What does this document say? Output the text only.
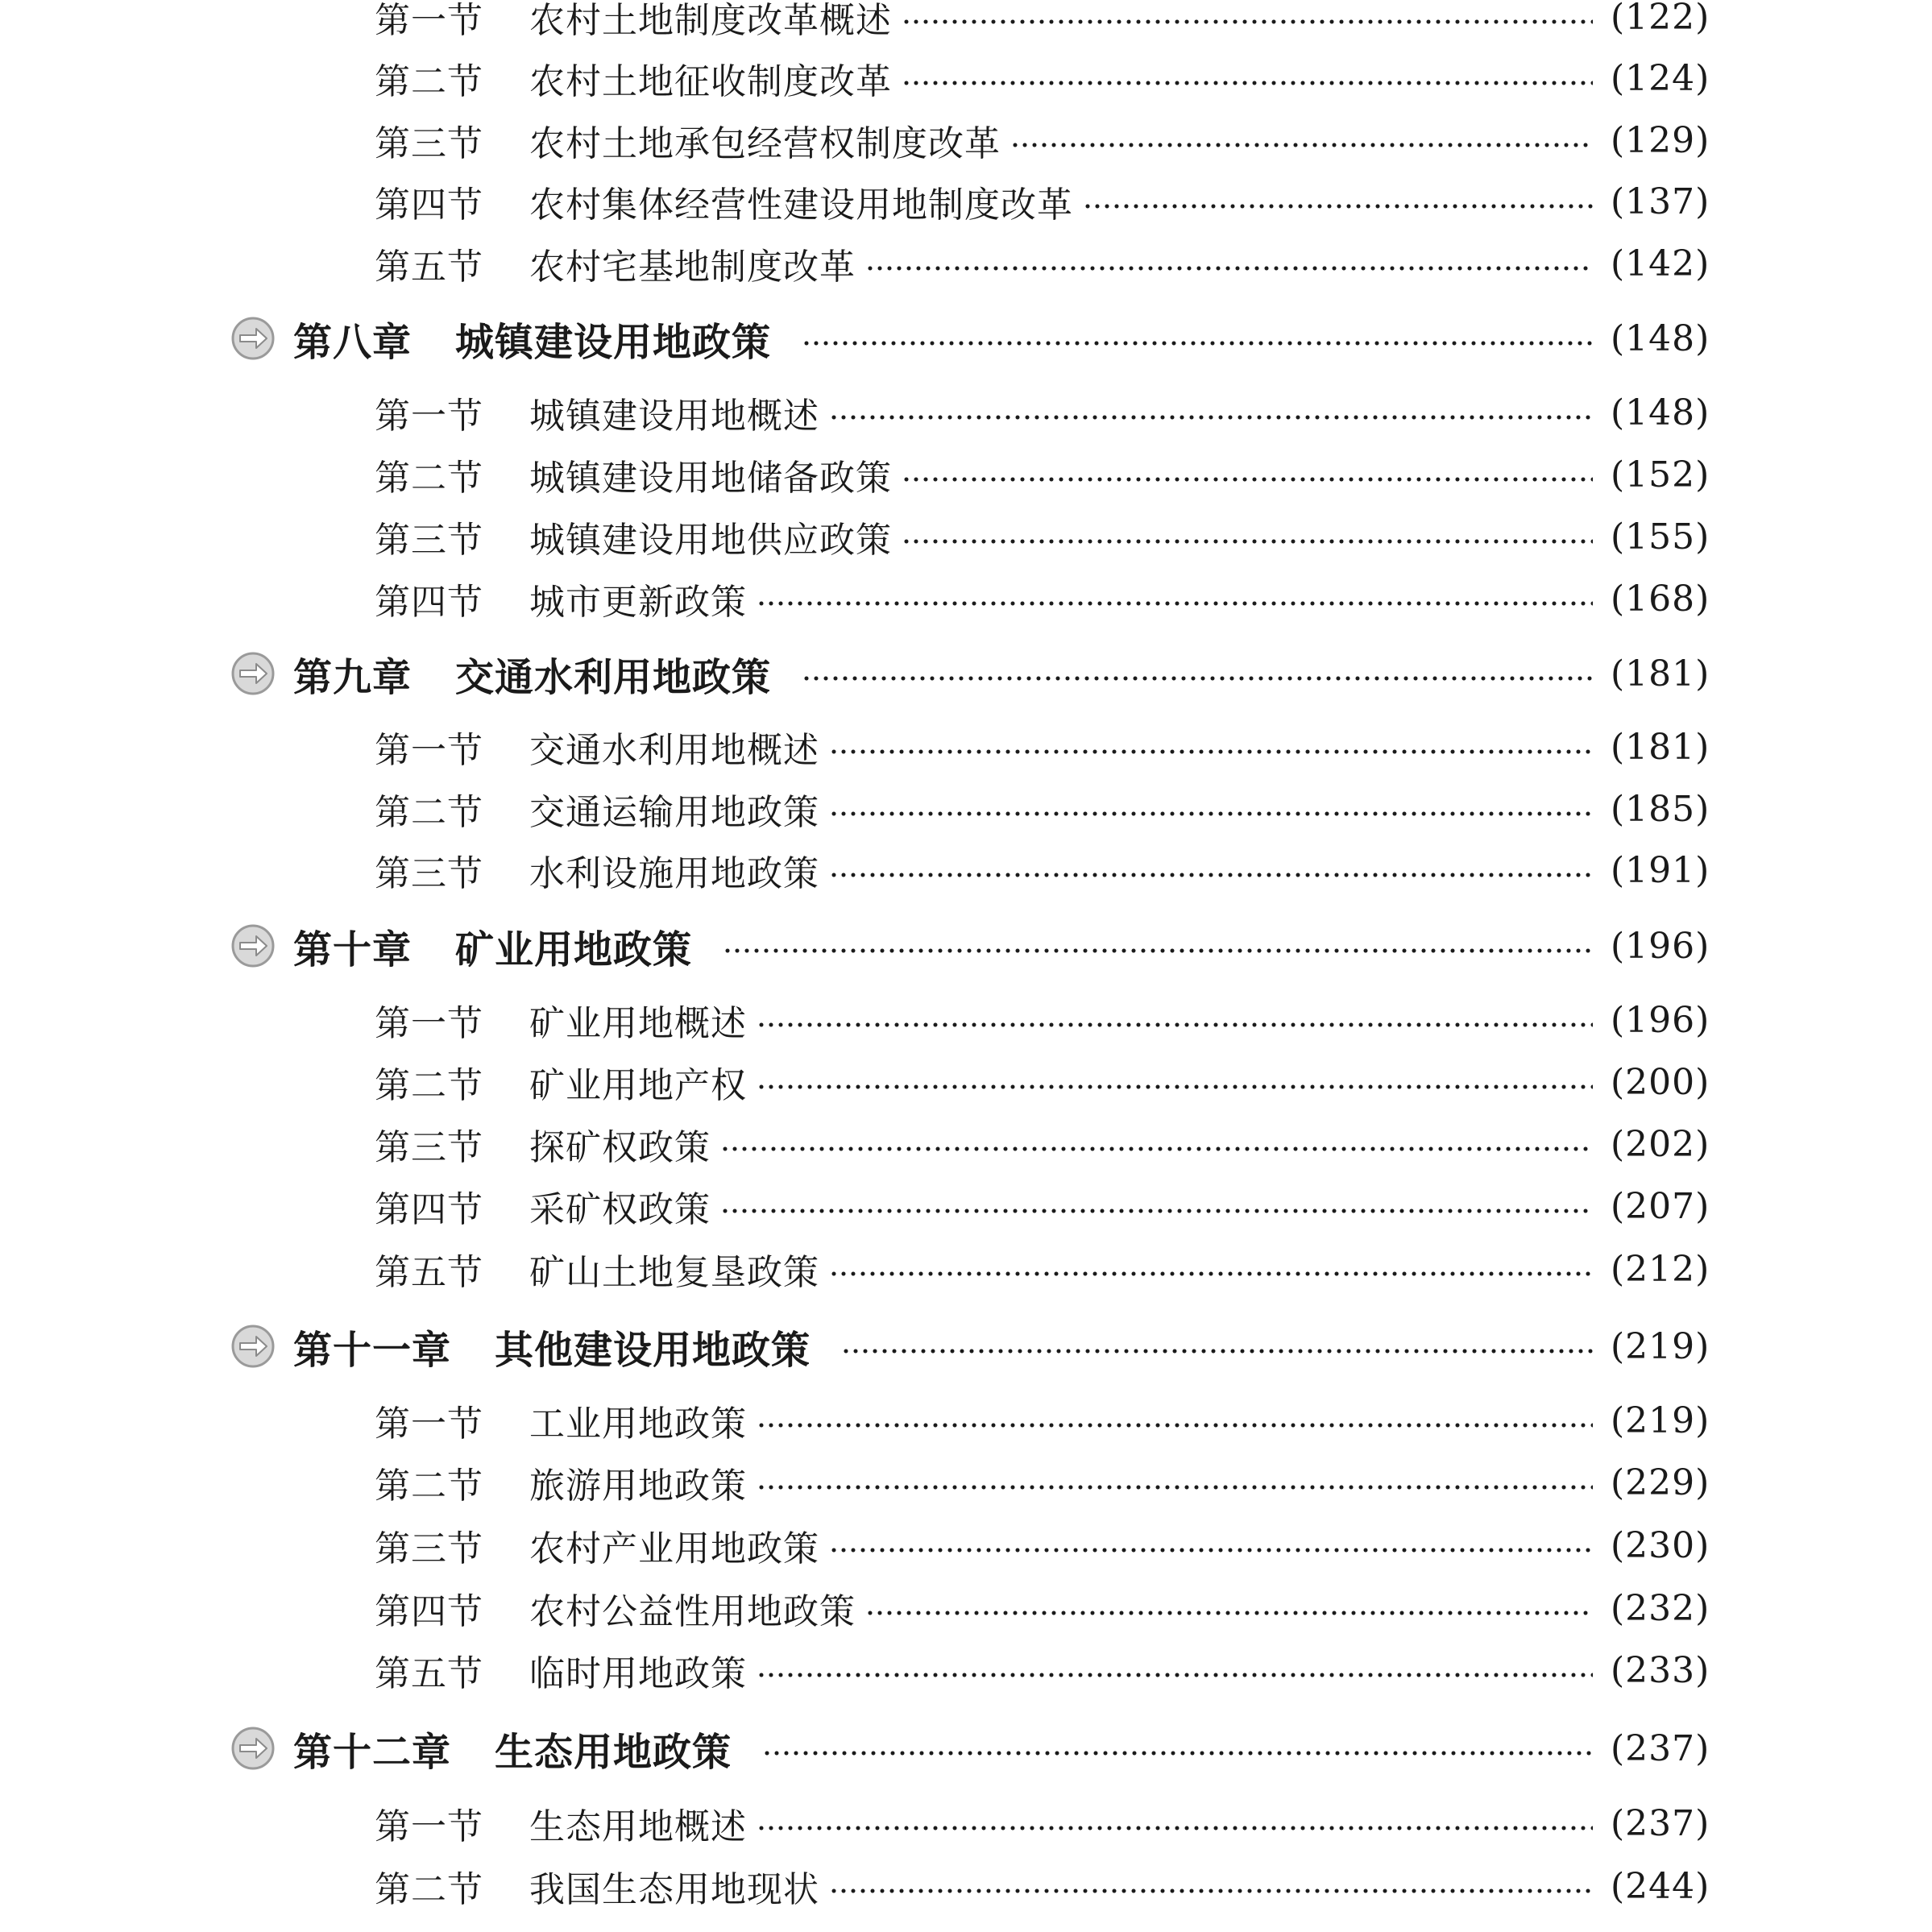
第一节	农村土地制度改革概述	(122)
第二节	农村土地征收制度改革	(124)
第三节	农村土地承包经营权制度改革	(129)
第四节	农村集体经营性建设用地制度改革	(137)
第五节	农村宅基地制度改革	(142)
第八章 城镇建设用地政策	(148)
第一节	城镇建设用地概述	(148)
第二节	城镇建设用地储备政策	(152)
第三节	城镇建设用地供应政策	(155)
第四节	城市更新政策	(168)
第九章 交通水利用地政策	(181)
第一节	交通水利用地概述	(181)
第二节	交通运输用地政策	(185)
第三节	水利设施用地政策	(191)
第十章 矿业用地政策	(196)
第一节	矿业用地概述	(196)
第二节	矿业用地产权	(200)
第三节	探矿权政策	(202)
第四节	采矿权政策	(207)
第五节	矿山土地复垦政策	(212)
第十一章 其他建设用地政策	(219)
第一节	工业用地政策	(219)
第二节	旅游用地政策	(229)
第三节	农村产业用地政策	(230)
第四节	农村公益性用地政策	(232)
第五节	临时用地政策	(233)
第十二章 生态用地政策	(237)
第一节	生态用地概述	(237)
第二节	我国生态用地现状	(244)
